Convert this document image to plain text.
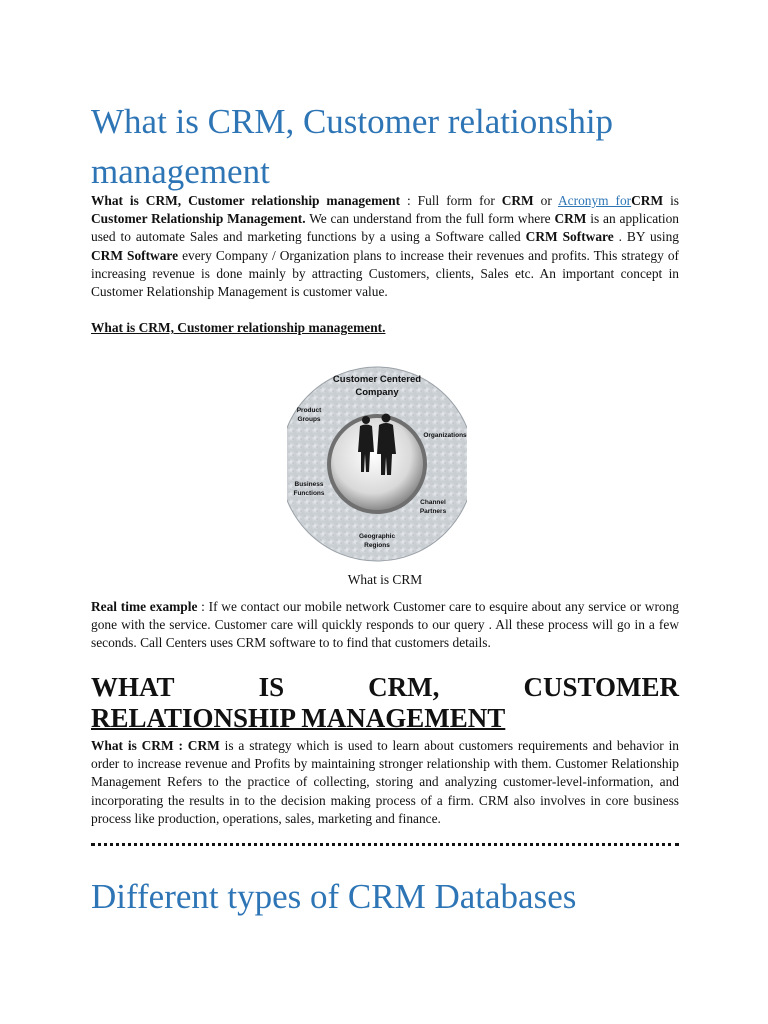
What is CRM, Customer relationship management

What is CRM, Customer relationship management : Full form for CRM or Acronym forCRM is Customer Relationship Management. We can understand from the full form where CRM is an application used to automate Sales and marketing functions by a using a Software called CRM Software . BY using CRM Software every Company / Organization plans to increase their revenues and profits. This strategy of increasing revenue is done mainly by attracting Customers, clients, Sales etc. An important concept in Customer Relationship Management is customer value.

What is CRM, Customer relationship management.
Customer Centered
Company
Product
Groups
Organizations
Business
Functions
Channel
Partners
Geographic
Regions
What is CRM

Real time example : If we contact our mobile network Customer care to esquire about any service or wrong gone with the service. Customer care will quickly responds to our query . All these process will go in a few seconds. Call Centers uses CRM software to to find that customers details.

WHAT	IS	CRM,	CUSTOMER
RELATIONSHIP MANAGEMENT

What is CRM : CRM is a strategy which is used to learn about customers requirements and behavior in order to increase revenue and Profits by maintaining stronger relationship with them. Customer Relationship Management Refers to the practice of collecting, storing and analyzing customer-level-information, and incorporating the results in to the decision making process of a firm. CRM also involves in core business process like production, operations, sales, marketing and finance.

Different types of CRM Databases
